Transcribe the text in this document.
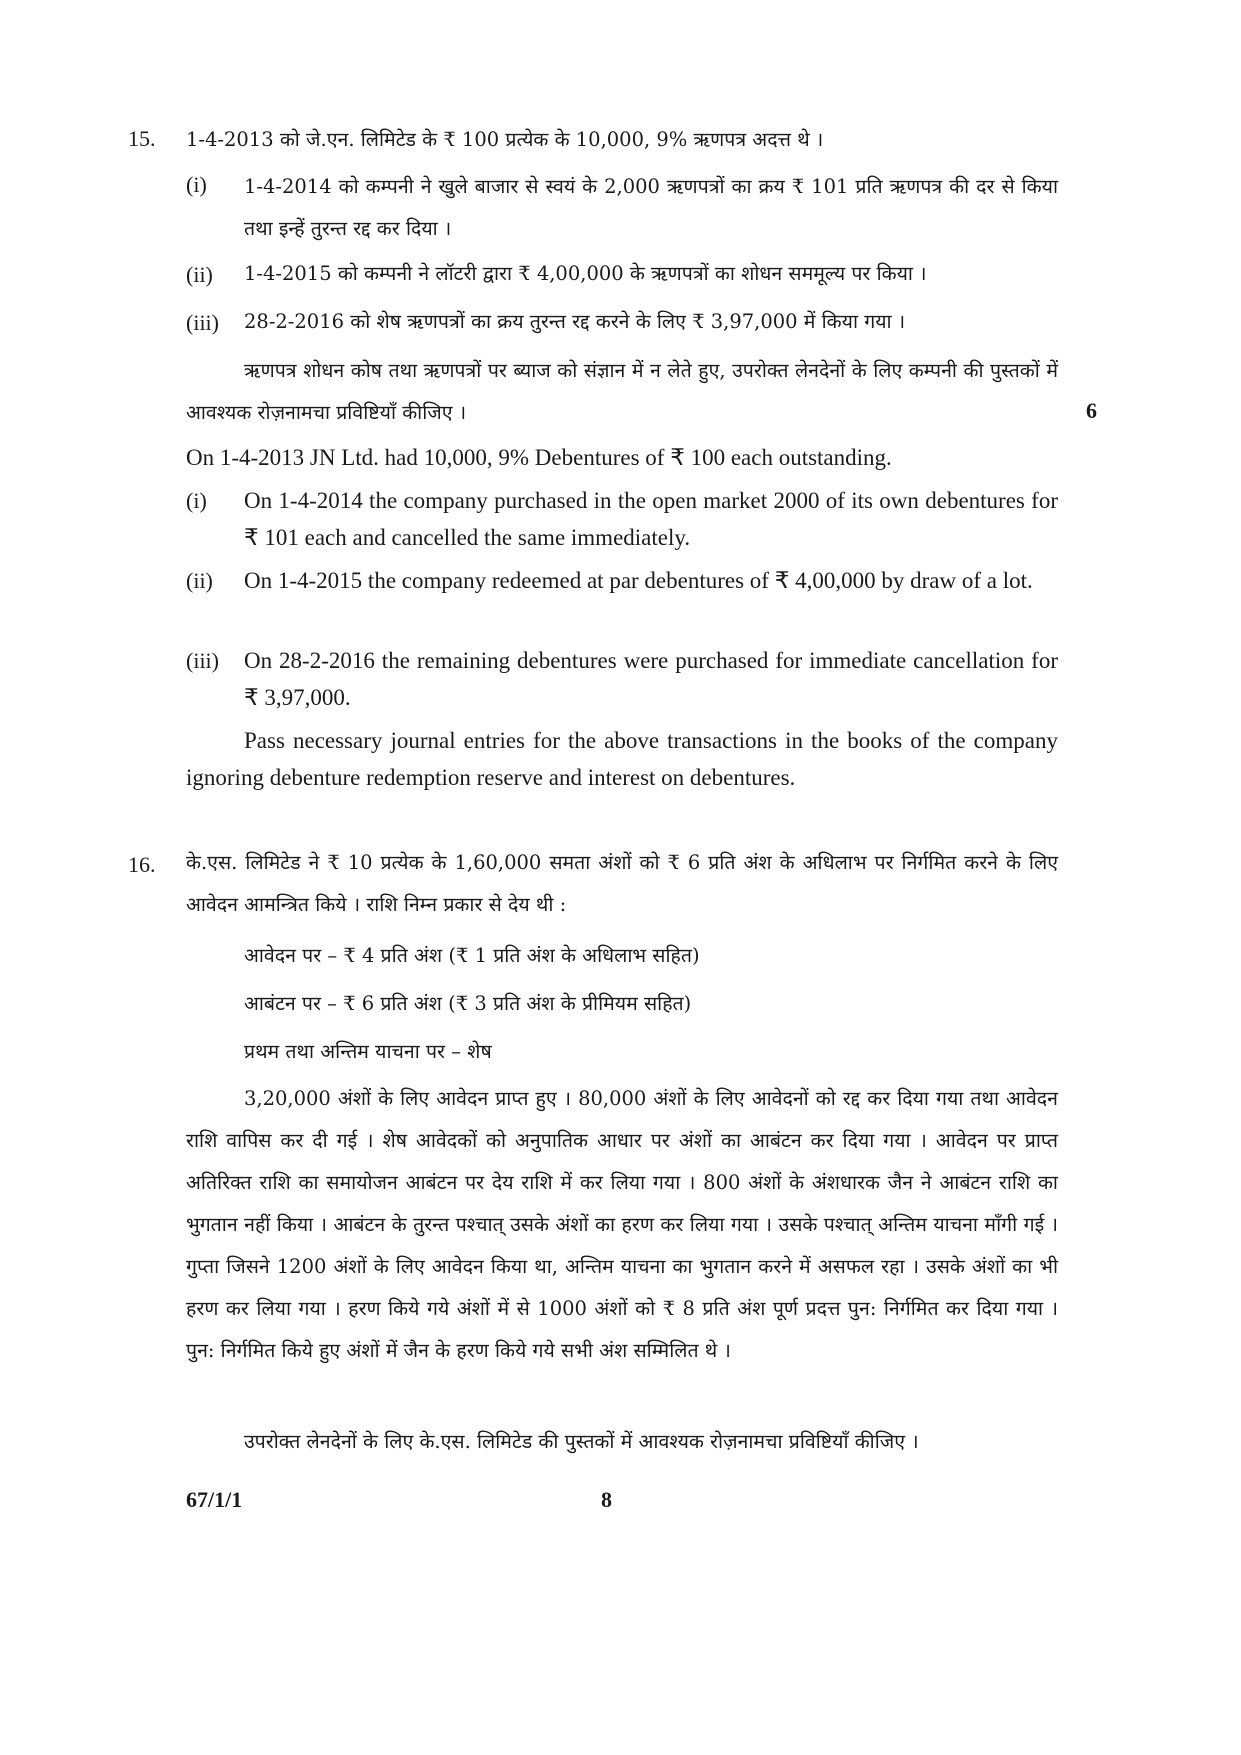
15. 1-4-2013 को जे.एन. लिमिटेड के ₹ 100 प्रत्येक के 10,000, 9% ऋणपत्र अदत्त थे ।
(i) 1-4-2014 को कम्पनी ने खुले बाजार से स्वयं के 2,000 ऋणपत्रों का क्रय ₹ 101 प्रति ऋणपत्र की दर से किया तथा इन्हें तुरन्त रद्द कर दिया ।
(ii) 1-4-2015 को कम्पनी ने लॉटरी द्वारा ₹ 4,00,000 के ऋणपत्रों का शोधन सममूल्य पर किया ।
(iii) 28-2-2016 को शेष ऋणपत्रों का क्रय तुरन्त रद्द करने के लिए ₹ 3,97,000 में किया गया ।
ऋणपत्र शोधन कोष तथा ऋणपत्रों पर ब्याज को संज्ञान में न लेते हुए, उपरोक्त लेनदेनों के लिए कम्पनी की पुस्तकों में आवश्यक रोज़नामचा प्रविष्टियाँ कीजिए ।	6
On 1-4-2013 JN Ltd. had 10,000, 9% Debentures of ₹ 100 each outstanding.
(i) On 1-4-2014 the company purchased in the open market 2000 of its own debentures for ₹ 101 each and cancelled the same immediately.
(ii) On 1-4-2015 the company redeemed at par debentures of ₹ 4,00,000 by draw of a lot.
(iii) On 28-2-2016 the remaining debentures were purchased for immediate cancellation for ₹ 3,97,000.
Pass necessary journal entries for the above transactions in the books of the company ignoring debenture redemption reserve and interest on debentures.
16. के.एस. लिमिटेड ने ₹ 10 प्रत्येक के 1,60,000 समता अंशों को ₹ 6 प्रति अंश के अधिलाभ पर निर्गमित करने के लिए आवेदन आमन्त्रित किये । राशि निम्न प्रकार से देय थी :
आवेदन पर – ₹ 4 प्रति अंश (₹ 1 प्रति अंश के अधिलाभ सहित)
आबंटन पर – ₹ 6 प्रति अंश (₹ 3 प्रति अंश के प्रीमियम सहित)
प्रथम तथा अन्तिम याचना पर – शेष
3,20,000 अंशों के लिए आवेदन प्राप्त हुए । 80,000 अंशों के लिए आवेदनों को रद्द कर दिया गया तथा आवेदन राशि वापिस कर दी गई । शेष आवेदकों को अनुपातिक आधार पर अंशों का आबंटन कर दिया गया । आवेदन पर प्राप्त अतिरिक्त राशि का समायोजन आबंटन पर देय राशि में कर लिया गया । 800 अंशों के अंशधारक जैन ने आबंटन राशि का भुगतान नहीं किया । आबंटन के तुरन्त पश्चात् उसके अंशों का हरण कर लिया गया । उसके पश्चात् अन्तिम याचना माँगी गई । गुप्ता जिसने 1200 अंशों के लिए आवेदन किया था, अन्तिम याचना का भुगतान करने में असफल रहा । उसके अंशों का भी हरण कर लिया गया । हरण किये गये अंशों में से 1000 अंशों को ₹ 8 प्रति अंश पूर्ण प्रदत्त पुन: निर्गमित कर दिया गया । पुन: निर्गमित किये हुए अंशों में जैन के हरण किये गये सभी अंश सम्मिलित थे ।
उपरोक्त लेनदेनों के लिए के.एस. लिमिटेड की पुस्तकों में आवश्यक रोज़नामचा प्रविष्टियाँ कीजिए ।
67/1/1	8
